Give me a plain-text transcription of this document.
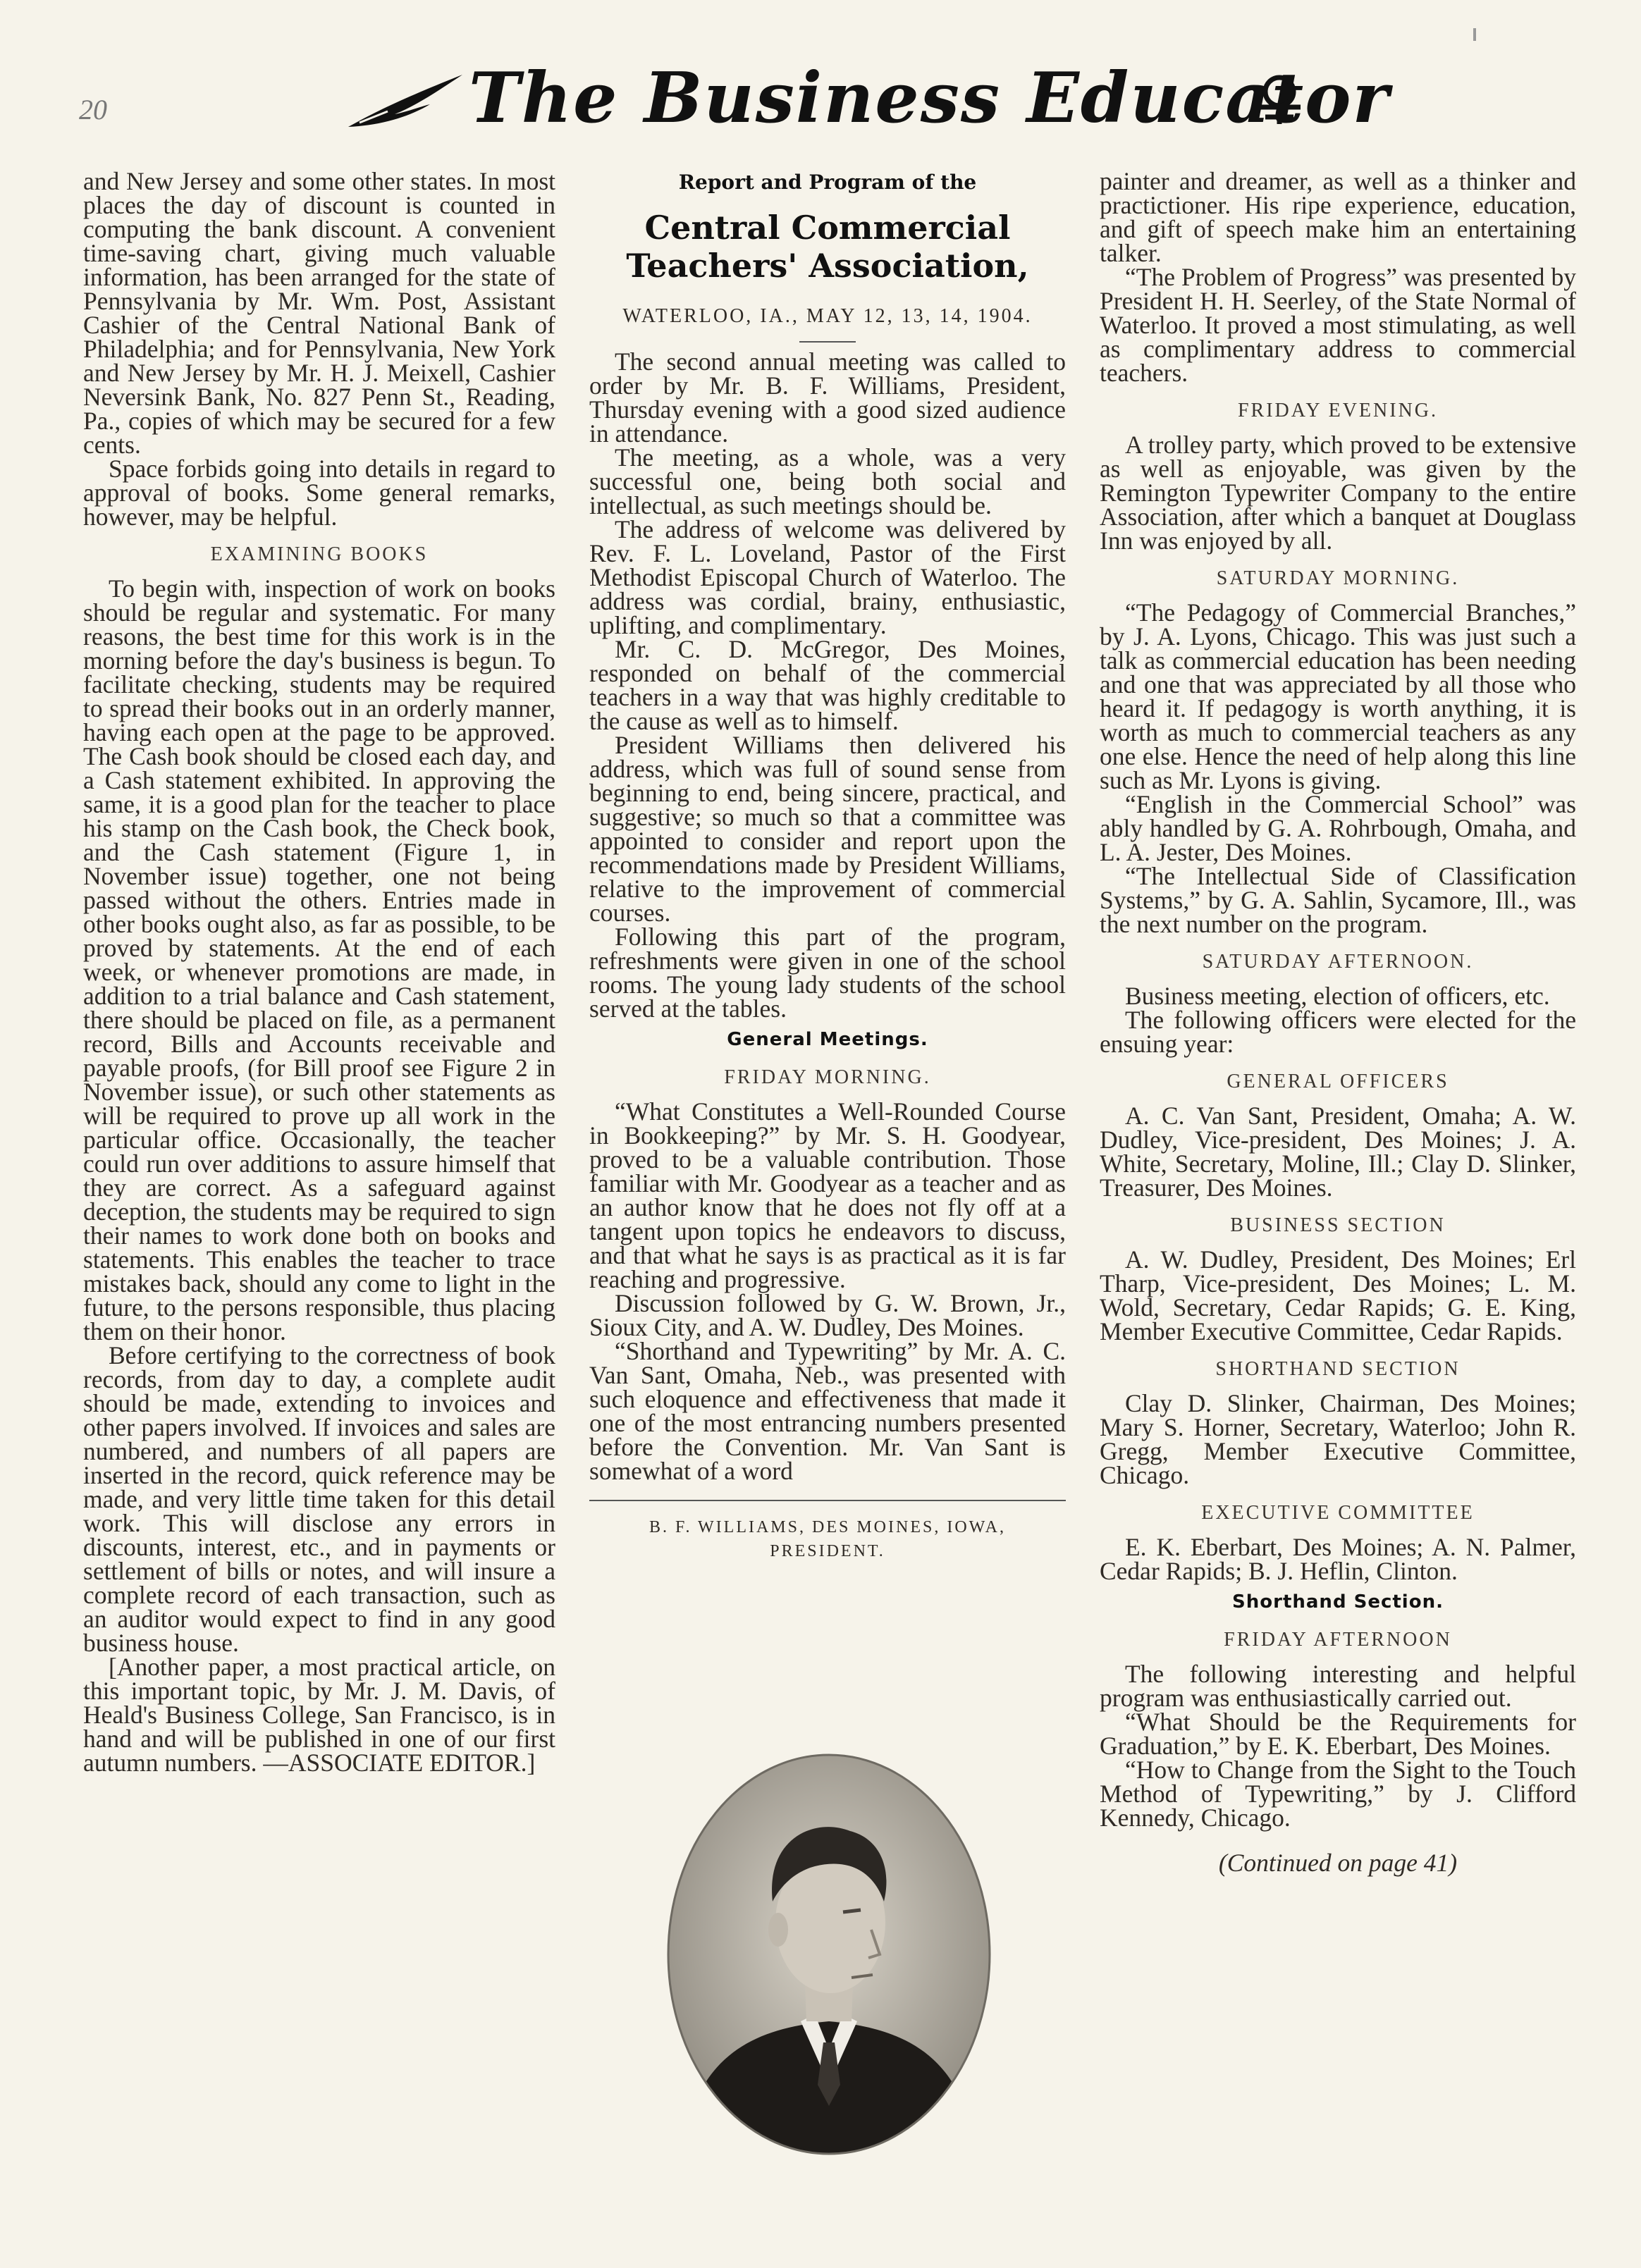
20	The Business Educator

and New Jersey and some other states. In most places the day of discount is counted in computing the bank discount. A convenient time-saving chart, giving much valuable information, has been arranged for the state of Pennsylvania by Mr. Wm. Post, Assistant Cashier of the Central National Bank of Philadelphia; and for Pennsylvania, New York and New Jersey by Mr. H. J. Meixell, Cashier Neversink Bank, No. 827 Penn St., Reading, Pa., copies of which may be secured for a few cents.

Space forbids going into details in regard to approval of books. Some general remarks, however, may be helpful.

EXAMINING BOOKS

To begin with, inspection of work on books should be regular and systematic. For many reasons, the best time for this work is in the morning before the day's business is begun. To facilitate checking, students may be required to spread their books out in an orderly manner, having each open at the page to be approved. The Cash book should be closed each day, and a Cash statement exhibited. In approving the same, it is a good plan for the teacher to place his stamp on the Cash book, the Check book, and the Cash statement (Figure 1, in November issue) together, one not being passed without the others. Entries made in other books ought also, as far as possible, to be proved by statements. At the end of each week, or whenever promotions are made, in addition to a trial balance and Cash statement, there should be placed on file, as a permanent record, Bills and Accounts receivable and payable proofs, (for Bill proof see Figure 2 in November issue), or such other statements as will be required to prove up all work in the particular office. Occasionally, the teacher could run over additions to assure himself that they are correct. As a safeguard against deception, the students may be required to sign their names to work done both on books and statements. This enables the teacher to trace mistakes back, should any come to light in the future, to the persons responsible, thus placing them on their honor.

Before certifying to the correctness of book records, from day to day, a complete audit should be made, extending to invoices and other papers involved. If invoices and sales are numbered, and numbers of all papers are inserted in the record, quick reference may be made, and very little time taken for this detail work. This will disclose any errors in discounts, interest, etc., and in payments or settlement of bills or notes, and will insure a complete record of each transaction, such as an auditor would expect to find in any good business house.

[Another paper, a most practical article, on this important topic, by Mr. J. M. Davis, of Heald's Business College, San Francisco, is in hand and will be published in one of our first autumn numbers. —ASSOCIATE EDITOR.]

Report and Program of the
Central Commercial Teachers' Association,
WATERLOO, IA., MAY 12, 13, 14, 1904.

The second annual meeting was called to order by Mr. B. F. Williams, President, Thursday evening with a good sized audience in attendance.

The meeting, as a whole, was a very successful one, being both social and intellectual, as such meetings should be.

The address of welcome was delivered by Rev. F. L. Loveland, Pastor of the First Methodist Episcopal Church of Waterloo. The address was cordial, brainy, enthusiastic, uplifting, and complimentary.

Mr. C. D. McGregor, Des Moines, responded on behalf of the commercial teachers in a way that was highly creditable to the cause as well as to himself.

President Williams then delivered his address, which was full of sound sense from beginning to end, being sincere, practical, and suggestive; so much so that a committee was appointed to consider and report upon the recommendations made by President Williams, relative to the improvement of commercial courses.

Following this part of the program, refreshments were given in one of the school rooms. The young lady students of the school served at the tables.

General Meetings.
FRIDAY MORNING.

“What Constitutes a Well-Rounded Course in Bookkeeping?” by Mr. S. H. Goodyear, proved to be a valuable contribution. Those familiar with Mr. Goodyear as a teacher and as an author know that he does not fly off at a tangent upon topics he endeavors to discuss, and that what he says is as practical as it is far reaching and progressive.

Discussion followed by G. W. Brown, Jr., Sioux City, and A. W. Dudley, Des Moines.

“Shorthand and Typewriting” by Mr. A. C. Van Sant, Omaha, Neb., was presented with such eloquence and effectiveness that made it one of the most entrancing numbers presented before the Convention. Mr. Van Sant is somewhat of a word

B. F. WILLIAMS, DES MOINES, IOWA,
PRESIDENT.

painter and dreamer, as well as a thinker and practictioner. His ripe experience, education, and gift of speech make him an entertaining talker.

“The Problem of Progress” was presented by President H. H. Seerley, of the State Normal of Waterloo. It proved a most stimulating, as well as complimentary address to commercial teachers.

FRIDAY EVENING.

A trolley party, which proved to be extensive as well as enjoyable, was given by the Remington Typewriter Company to the entire Association, after which a banquet at Douglass Inn was enjoyed by all.

SATURDAY MORNING.

“The Pedagogy of Commercial Branches,” by J. A. Lyons, Chicago. This was just such a talk as commercial education has been needing and one that was appreciated by all those who heard it. If pedagogy is worth anything, it is worth as much to commercial teachers as any one else. Hence the need of help along this line such as Mr. Lyons is giving.

“English in the Commercial School” was ably handled by G. A. Rohrbough, Omaha, and L. A. Jester, Des Moines.

“The Intellectual Side of Classification Systems,” by G. A. Sahlin, Sycamore, Ill., was the next number on the program.

SATURDAY AFTERNOON.

Business meeting, election of officers, etc.

The following officers were elected for the ensuing year:

GENERAL OFFICERS

A. C. Van Sant, President, Omaha; A. W. Dudley, Vice-president, Des Moines; J. A. White, Secretary, Moline, Ill.; Clay D. Slinker, Treasurer, Des Moines.

BUSINESS SECTION

A. W. Dudley, President, Des Moines; Erl Tharp, Vice-president, Des Moines; L. M. Wold, Secretary, Cedar Rapids; G. E. King, Member Executive Committee, Cedar Rapids.

SHORTHAND SECTION

Clay D. Slinker, Chairman, Des Moines; Mary S. Horner, Secretary, Waterloo; John R. Gregg, Member Executive Committee, Chicago.

EXECUTIVE COMMITTEE

E. K. Eberbart, Des Moines; A. N. Palmer, Cedar Rapids; B. J. Heflin, Clinton.

Shorthand Section.
FRIDAY AFTERNOON

The following interesting and helpful program was enthusiastically carried out.

“What Should be the Requirements for Graduation,” by E. K. Eberbart, Des Moines.

“How to Change from the Sight to the Touch Method of Typewriting,” by J. Clifford Kennedy, Chicago.

(Continued on page 41)
